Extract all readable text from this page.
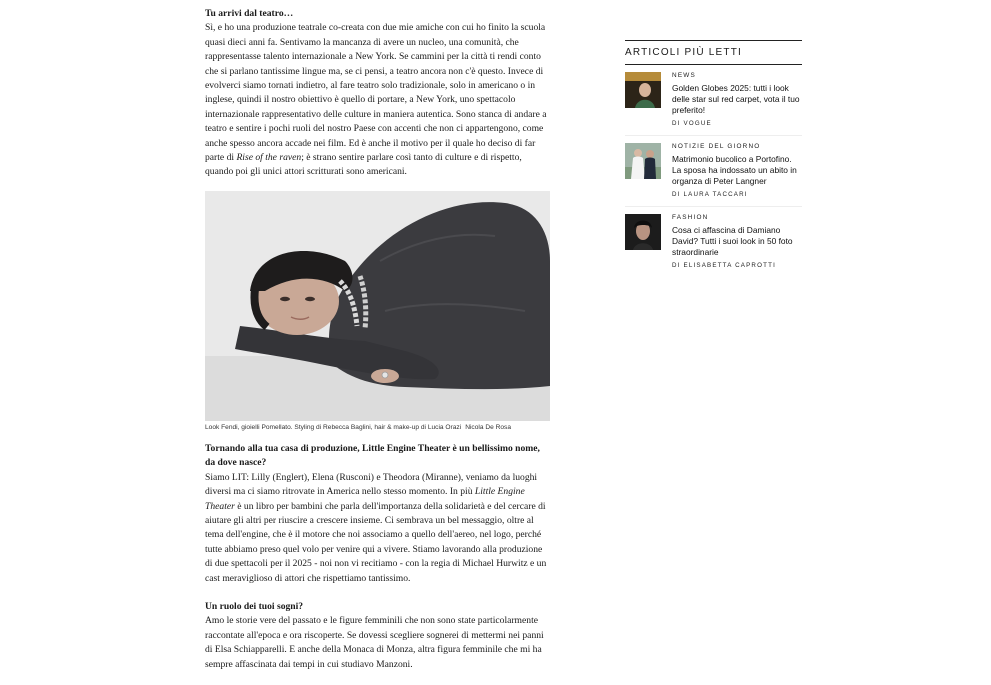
Tu arrivi dal teatro…

Sì, e ho una produzione teatrale co-creata con due mie amiche con cui ho finito la scuola quasi dieci anni fa. Sentivamo la mancanza di avere un nucleo, una comunità, che rappresentasse talento internazionale a New York. Se cammini per la città ti rendi conto che si parlano tantissime lingue ma, se ci pensi, a teatro ancora non c'è questo. Invece di evolverci siamo tornati indietro, al fare teatro solo tradizionale, solo in americano o in inglese, quindi il nostro obiettivo è quello di portare, a New York, uno spettacolo internazionale rappresentativo delle culture in maniera autentica. Sono stanca di andare a teatro e sentire i pochi ruoli del nostro Paese con accenti che non ci appartengono, come anche spesso ancora accade nei film. Ed è anche il motivo per il quale ho deciso di far parte di Rise of the raven; è strano sentire parlare così tanto di culture e di rispetto, quando poi gli unici attori scritturati sono americani.

Look Fendi, gioielli Pomellato. Styling di Rebecca Baglini, hair & make-up di Lucia Orazi Nicola De Rosa

Tornando alla tua casa di produzione, Little Engine Theater è un bellissimo nome, da dove nasce?

Siamo LIT: Lilly (Englert), Elena (Rusconi) e Theodora (Miranne), veniamo da luoghi diversi ma ci siamo ritrovate in America nello stesso momento. In più Little Engine Theater è un libro per bambini che parla dell'importanza della solidarietà e del cercare di aiutare gli altri per riuscire a crescere insieme. Ci sembrava un bel messaggio, oltre al tema dell'engine, che è il motore che noi associamo a quello dell'aereo, nel logo, perché tutte abbiamo preso quel volo per venire qui a vivere. Stiamo lavorando alla produzione di due spettacoli per il 2025 - noi non vi recitiamo - con la regia di Michael Hurwitz e un cast meraviglioso di attori che rispettiamo tantissimo.

Un ruolo dei tuoi sogni?

Amo le storie vere del passato e le figure femminili che non sono state particolarmente raccontate all'epoca e ora riscoperte. Se dovessi scegliere sognerei di mettermi nei panni di Elsa Schiapparelli. E anche della Monaca di Monza, altra figura femminile che mi ha sempre affascinata dai tempi in cui studiavo Manzoni.

ARTICOLI PIÙ LETTI
NEWS
Golden Globes 2025: tutti i look delle star sul red carpet, vota il tuo preferito!
DI VOGUE
NOTIZIE DEL GIORNO
Matrimonio bucolico a Portofino. La sposa ha indossato un abito in organza di Peter Langner
DI LAURA TACCARI
FASHION
Cosa ci affascina di Damiano David? Tutti i suoi look in 50 foto straordinarie
DI ELISABETTA CAPROTTI
